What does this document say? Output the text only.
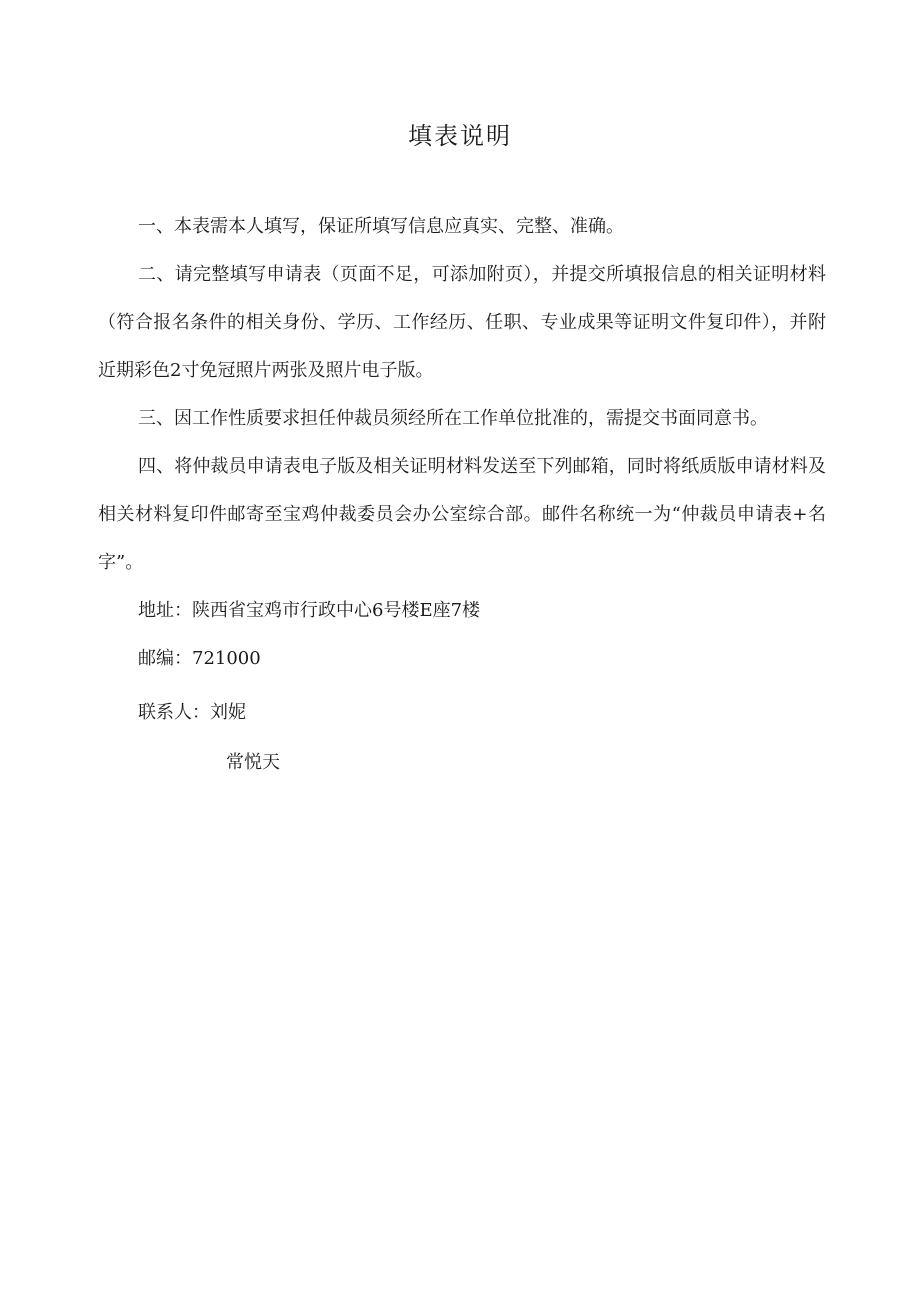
填表说明
一、本表需本人填写，保证所填写信息应真实、完整、准确。
二、请完整填写申请表（页面不足，可添加附页），并提交所填报信息的相关证明材料（符合报名条件的相关身份、学历、工作经历、任职、专业成果等证明文件复印件），并附近期彩色2寸免冠照片两张及照片电子版。
三、因工作性质要求担任仲裁员须经所在工作单位批准的，需提交书面同意书。
四、将仲裁员申请表电子版及相关证明材料发送至下列邮箱，同时将纸质版申请材料及相关材料复印件邮寄至宝鸡仲裁委员会办公室综合部。邮件名称统一为“仲裁员申请表+名字”。
地址：陕西省宝鸡市行政中心6号楼E座7楼
邮编：721000
联系人：刘妮
常悦天
